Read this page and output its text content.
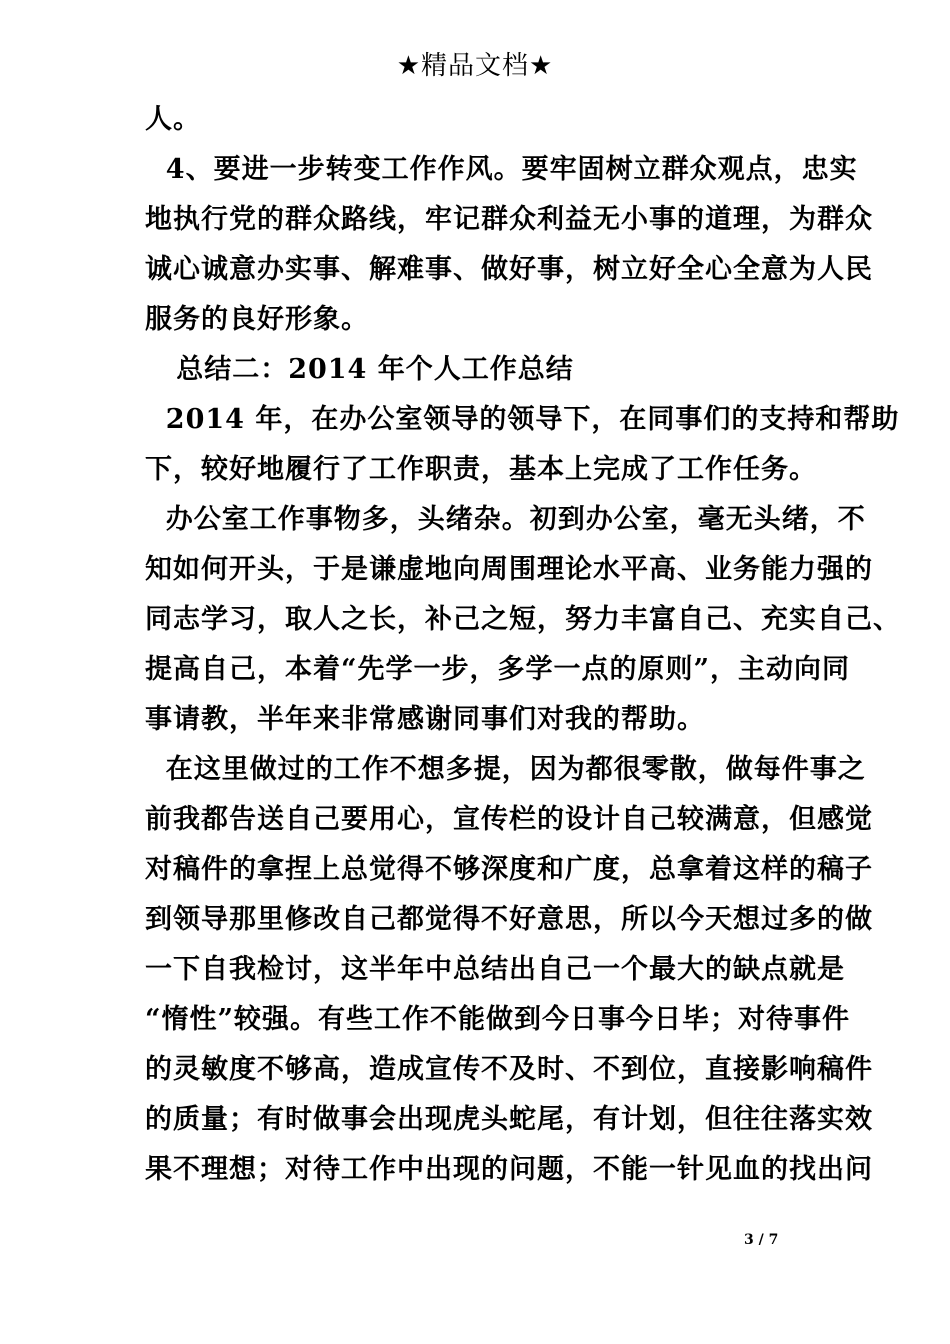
★精品文档★
人。
4、要进一步转变工作作风。要牢固树立群众观点，忠实
地执行党的群众路线，牢记群众利益无小事的道理，为群众
诚心诚意办实事、解难事、做好事，树立好全心全意为人民
服务的良好形象。
总结二：2014 年个人工作总结
2014 年，在办公室领导的领导下，在同事们的支持和帮助
下，较好地履行了工作职责，基本上完成了工作任务。
办公室工作事物多，头绪杂。初到办公室，毫无头绪，不
知如何开头，于是谦虚地向周围理论水平高、业务能力强的
同志学习，取人之长，补己之短，努力丰富自己、充实自己、
提高自己，本着“先学一步，多学一点的原则”，主动向同
事请教，半年来非常感谢同事们对我的帮助。
在这里做过的工作不想多提，因为都很零散，做每件事之
前我都告送自己要用心，宣传栏的设计自己较满意，但感觉
对稿件的拿捏上总觉得不够深度和广度，总拿着这样的稿子
到领导那里修改自己都觉得不好意思，所以今天想过多的做
一下自我检讨，这半年中总结出自己一个最大的缺点就是
“惰性”较强。有些工作不能做到今日事今日毕；对待事件
的灵敏度不够高，造成宣传不及时、不到位，直接影响稿件
的质量；有时做事会出现虎头蛇尾，有计划，但往往落实效
果不理想；对待工作中出现的问题，不能一针见血的找出问
3 / 7
